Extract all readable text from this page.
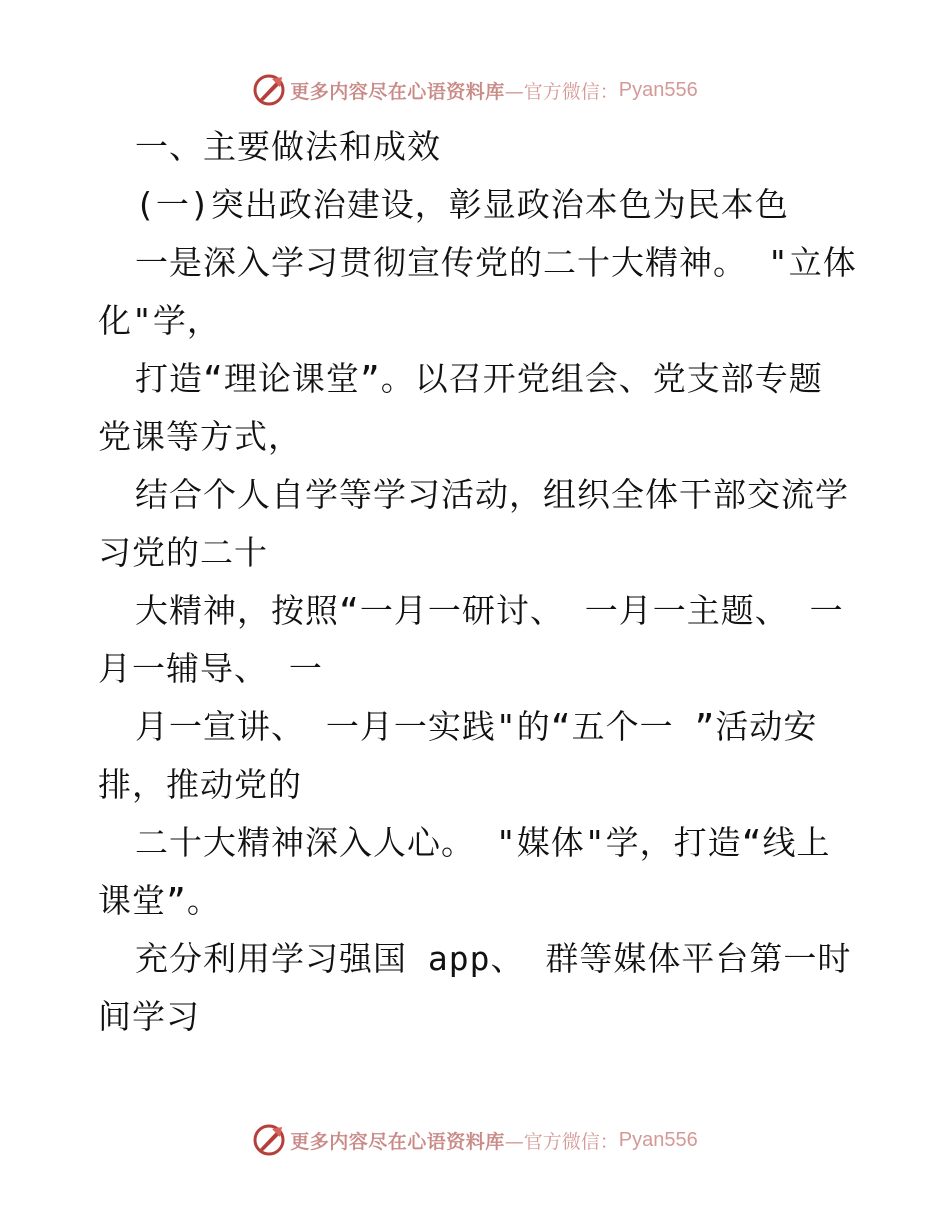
更多内容尽在心语资料库 —官方微信： Pyan556
一、主要做法和成效
(一)突出政治建设，彰显政治本色为民本色
一是深入学习贯彻宣传党的二十大精神。 "立体
化"学，
打造“理论课堂”。以召开党组会、党支部专题
党课等方式，
结合个人自学等学习活动，组织全体干部交流学
习党的二十
大精神，按照“一月一研讨、 一月一主题、 一
月一辅导、 一
月一宣讲、 一月一实践"的“五个一 ”活动安
排，推动党的
二十大精神深入人心。 "媒体"学，打造“线上
课堂”。
充分利用学习强国 app、 群等媒体平台第一时
间学习
更多内容尽在心语资料库 —官方微信： Pyan556
